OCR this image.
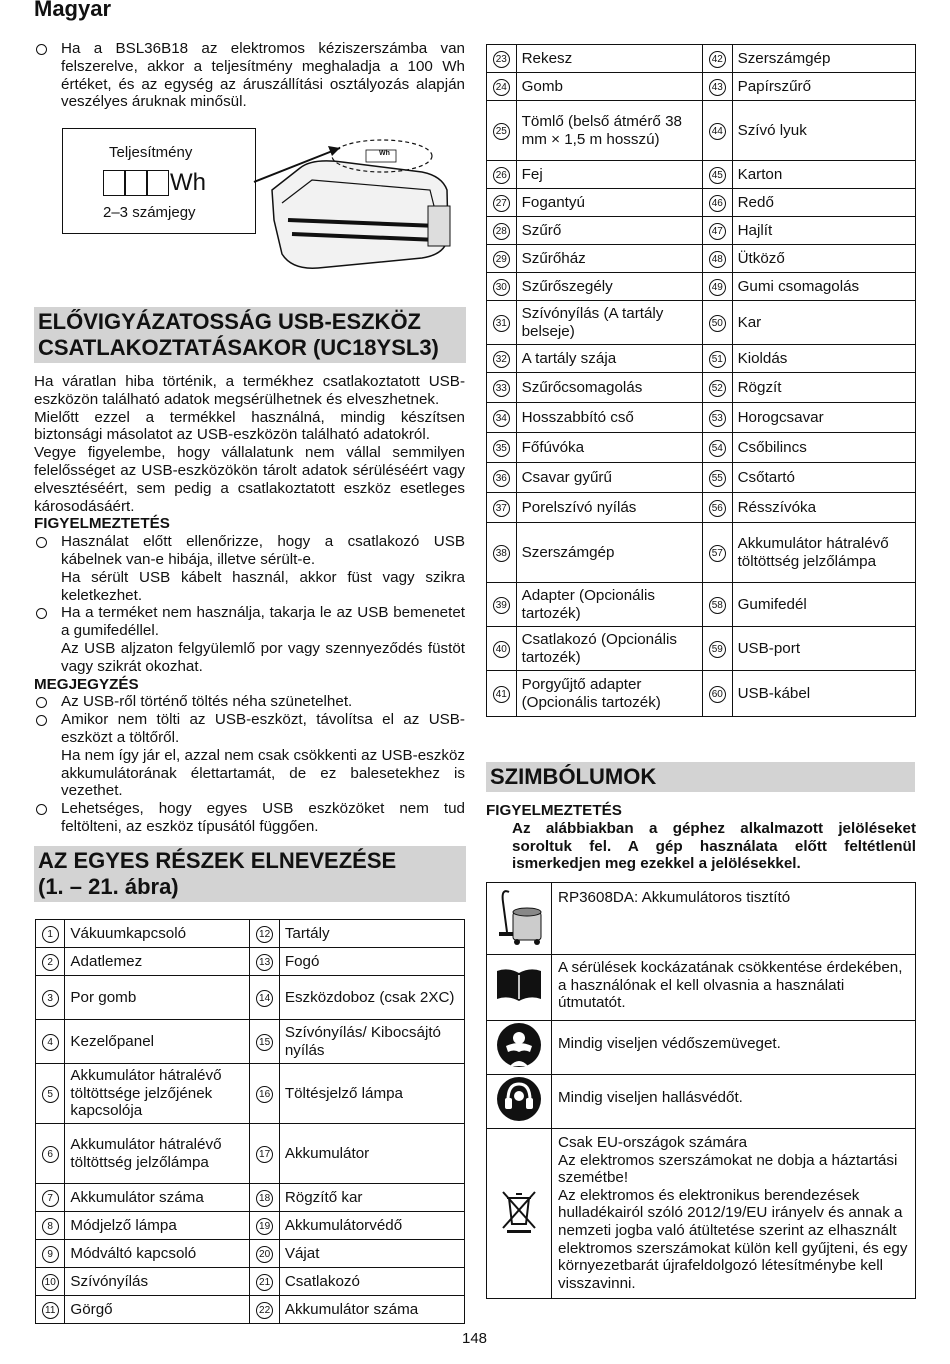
Magyar

Ha a BSL36B18 az elektromos kéziszerszámba van felszerelve, akkor a teljesítmény meghaladja a 100 Wh értéket, és az egység az áruszállítási osztályozás alapján veszélyes áruknak minősül.

Teljesítmény
Wh
2–3 számjegy
Wh
ELŐVIGYÁZATOSSÁG USB-ESZKÖZ
CSATLAKOZTATÁSAKOR (UC18YSL3)

Ha váratlan hiba történik, a termékhez csatlakoztatott USB-eszközön található adatok megsérülhetnek és elveszhetnek.

Mielőtt ezzel a termékkel használná, mindig készítsen biztonsági másolatot az USB-eszközön található adatokról.

Vegye figyelembe, hogy vállalatunk nem vállal semmilyen felelősséget az USB-eszközökön tárolt adatok sérüléséért vagy elvesztéséért, sem pedig a csatlakoztatott eszköz esetleges károsodásáért.

FIGYELMEZTETÉS

Használat előtt ellenőrizze, hogy a csatlakozó USB kábelnek van-e hibája, illetve sérült-e.

Ha sérült USB kábelt használ, akkor füst vagy szikra keletkezhet.

Ha a terméket nem használja, takarja le az USB bemenetet a gumifedéllel.

Az USB aljzaton felgyülemlő por vagy szennyeződés füstöt vagy szikrát okozhat.

MEGJEGYZÉS

Az USB-ről történő töltés néha szünetelhet.

Amikor nem tölti az USB-eszközt, távolítsa el az USB-eszközt a töltőről.

Ha nem így jár el, azzal nem csak csökkenti az USB-eszköz akkumulátorának élettartamát, de ez balesetekhez is vezethet.

Lehetséges, hogy egyes USB eszközöket nem tud feltölteni, az eszköz típusától függően.

AZ EGYES RÉSZEK ELNEVEZÉSE
(1. – 21. ábra)
1	Vákuumkapcsoló	12	Tartály
2	Adatlemez	13	Fogó
3	Por gomb	14	Eszközdoboz (csak 2XC)
4	Kezelőpanel	15	Szívónyílás/ Kibocsájtó nyílás
5	Akkumulátor hátralévő töltöttsége jelzőjének kapcsolója	16	Töltésjelző lámpa
6	Akkumulátor hátralévő töltöttség jelzőlámpa	17	Akkumulátor
7	Akkumulátor száma	18	Rögzítő kar
8	Módjelző lámpa	19	Akkumulátorvédő
9	Módváltó kapcsoló	20	Vájat
10	Szívónyílás	21	Csatlakozó
11	Görgő	22	Akkumulátor száma
23	Rekesz	42	Szerszámgép
24	Gomb	43	Papírszűrő
25	Tömlő (belső átmérő 38 mm × 1,5 m hosszú)	44	Szívó lyuk
26	Fej	45	Karton
27	Fogantyú	46	Redő
28	Szűrő	47	Hajlít
29	Szűrőház	48	Ütköző
30	Szűrőszegély	49	Gumi csomagolás
31	Szívónyílás (A tartály belseje)	50	Kar
32	A tartály szája	51	Kioldás
33	Szűrőcsomagolás	52	Rögzít
34	Hosszabbító cső	53	Horogcsavar
35	Főfúvóka	54	Csőbilincs
36	Csavar gyűrű	55	Csőtartó
37	Porelszívó nyílás	56	Résszívóka
38	Szerszámgép	57	Akkumulátor hátralévő töltöttség jelzőlámpa
39	Adapter (Opcionális tartozék)	58	Gumifedél
40	Csatlakozó (Opcionális tartozék)	59	USB-port
41	Porgyűjtő adapter (Opcionális tartozék)	60	USB-kábel
SZIMBÓLUMOK

FIGYELMEZTETÉS

Az alábbiakban a géphez alkalmazott jelöléseket soroltuk fel. A gép használata előtt feltétlenül ismerkedjen meg ezekkel a jelölésekkel.

RP3608DA: Akkumulátoros tisztító

A sérülések kockázatának csökkentése érdekében, a használónak el kell olvasnia a használati útmutatót.

Mindig viseljen védőszemüveget.

Mindig viseljen hallásvédőt.

Csak EU-országok számára
Az elektromos szerszámokat ne dobja a háztartási szemétbe!
Az elektromos és elektronikus berendezések hulladékairól szóló 2012/19/EU irányelv és annak a nemzeti jogba való átültetése szerint az elhasznált elektromos szerszámokat külön kell gyűjteni, és egy környezetbarát újrafeldolgozó létesítménybe kell visszavinni.
148
